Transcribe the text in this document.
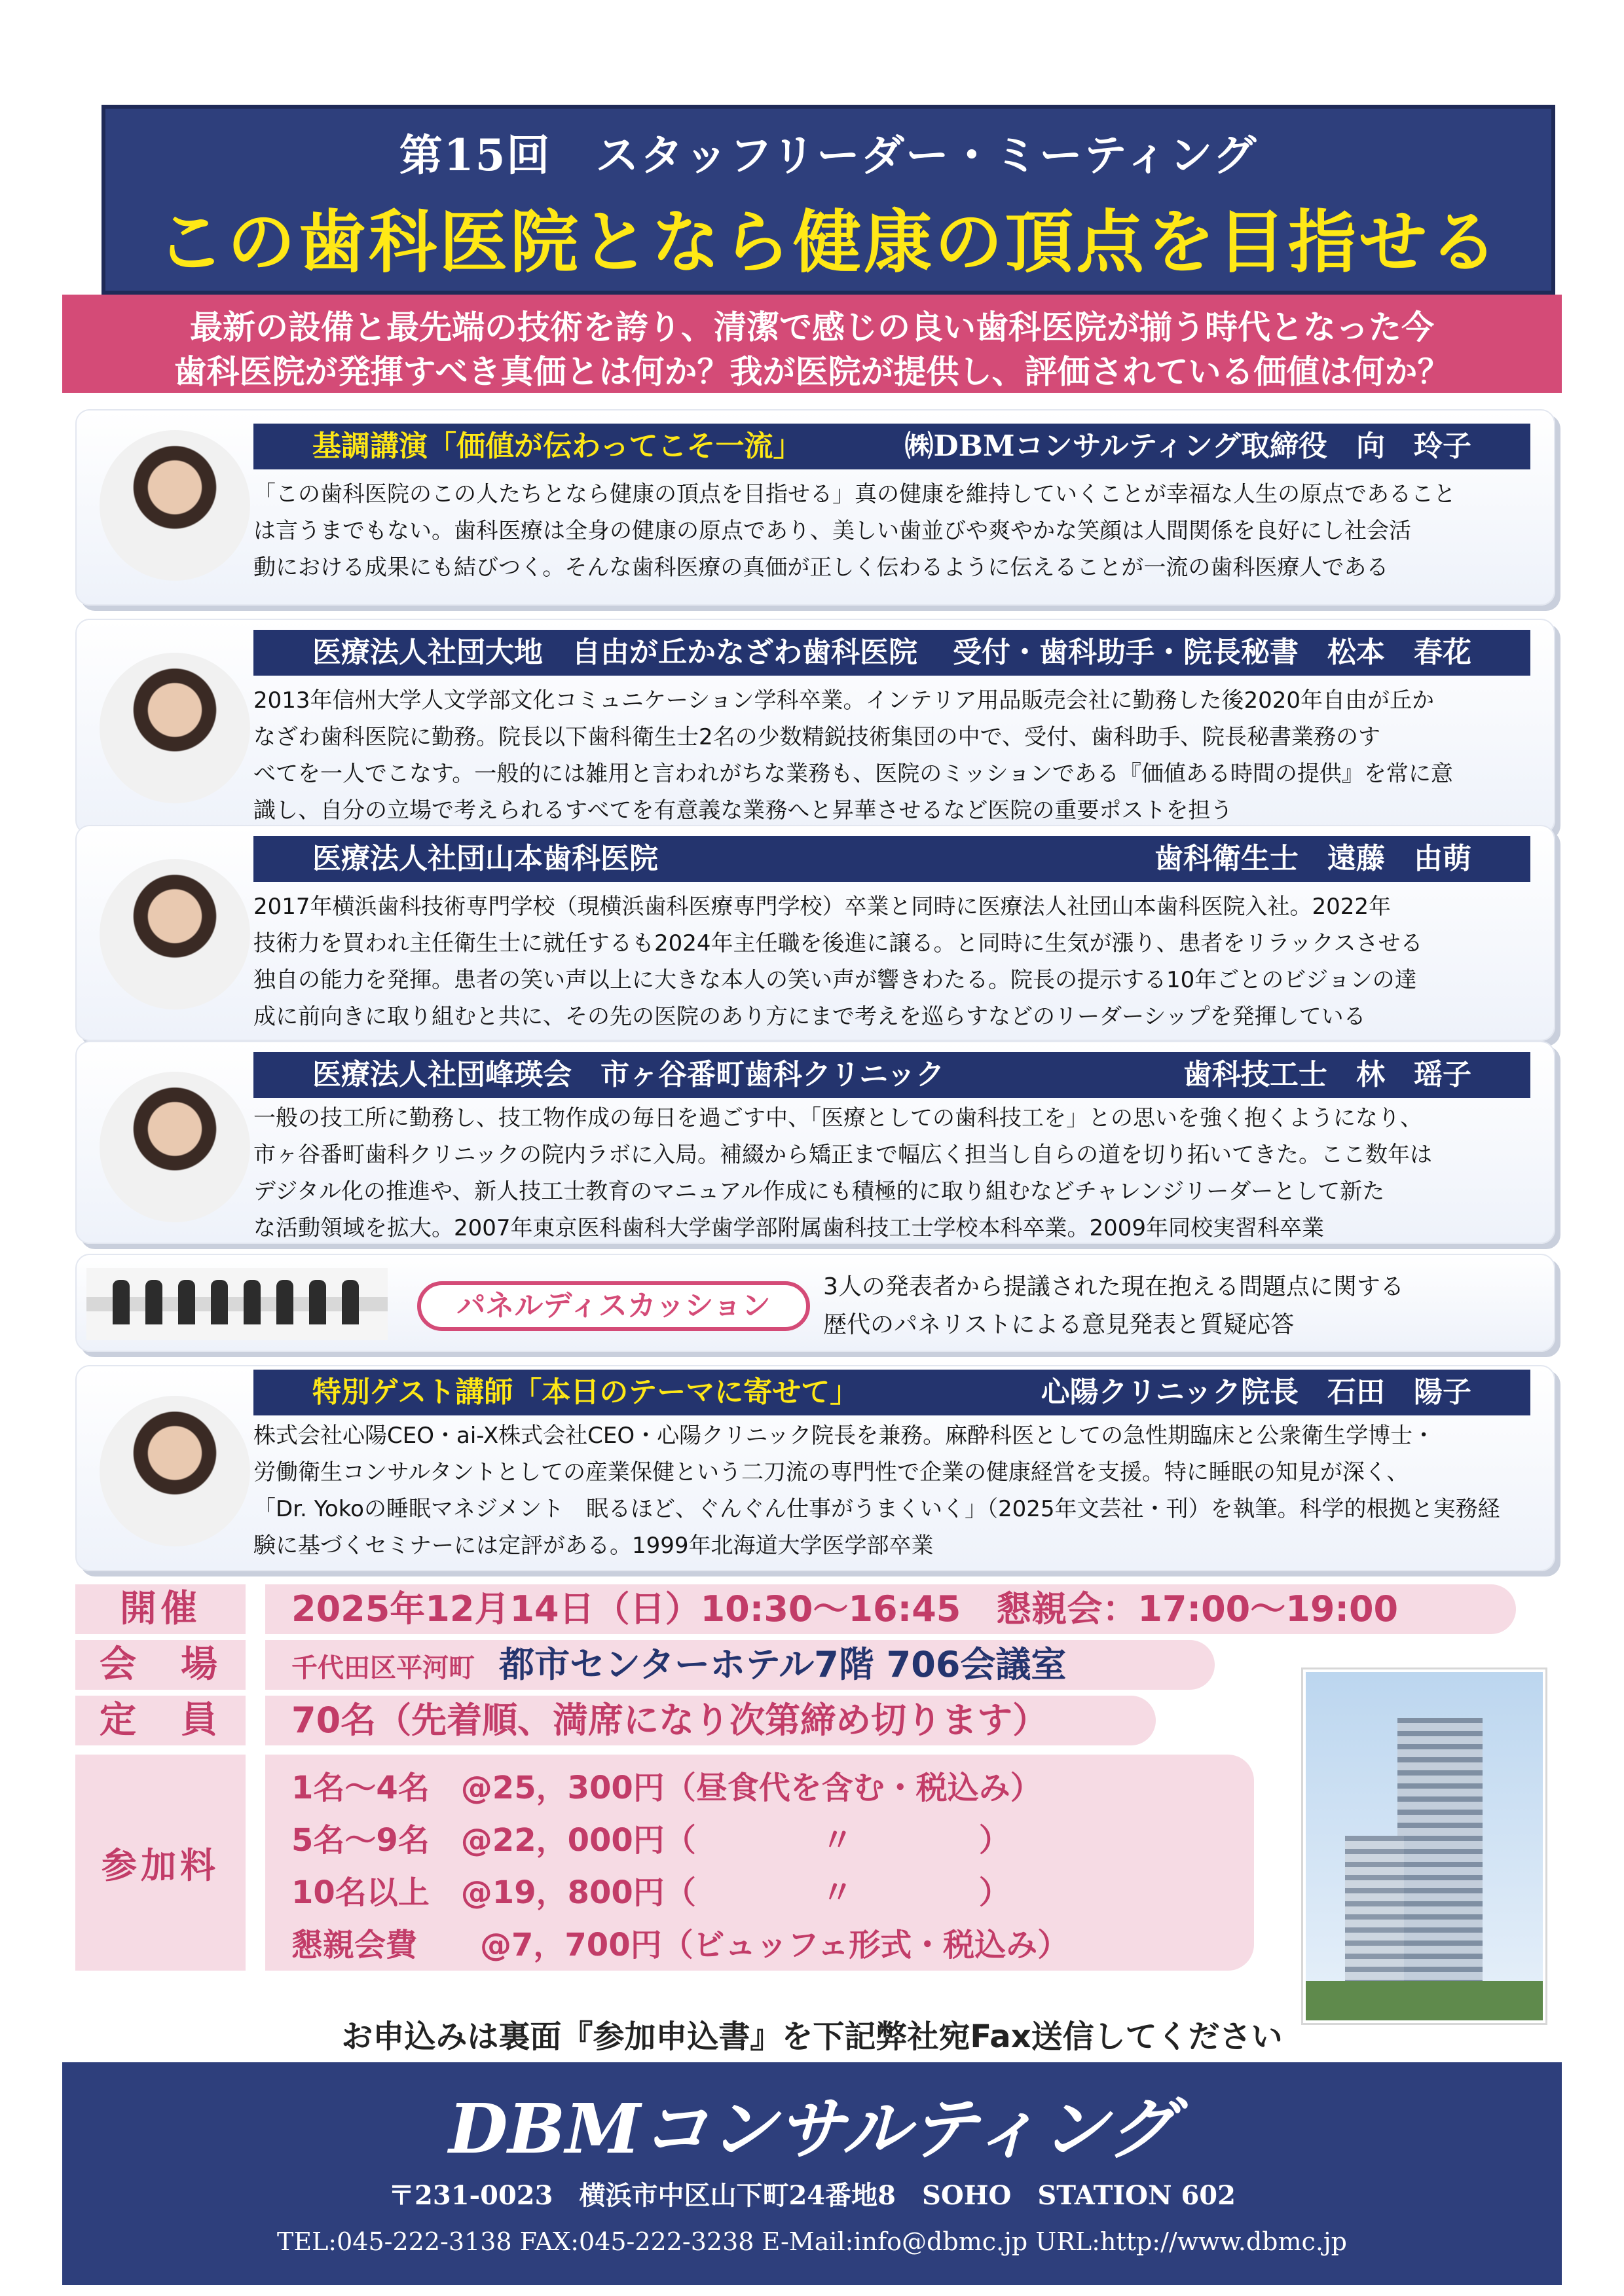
第15回　スタッフリーダー・ミーティング
この歯科医院となら健康の頂点を目指せる
最新の設備と最先端の技術を誇り、清潔で感じの良い歯科医院が揃う時代となった今
歯科医院が発揮すべき真価とは何か？我が医院が提供し、評価されている価値は何か？
基調講演「価値が伝わってこそ一流」	㈱DBMコンサルティング取締役　向　玲子
「この歯科医院のこの人たちとなら健康の頂点を目指せる」真の健康を維持していくことが幸福な人生の原点であること
は言うまでもない。歯科医療は全身の健康の原点であり、美しい歯並びや爽やかな笑顔は人間関係を良好にし社会活
動における成果にも結びつく。そんな歯科医療の真価が正しく伝わるように伝えることが一流の歯科医療人である
医療法人社団大地　自由が丘かなざわ歯科医院 受付・歯科助手・院長秘書　松本　春花
2013年信州大学人文学部文化コミュニケーション学科卒業。インテリア用品販売会社に勤務した後2020年自由が丘か
なざわ歯科医院に勤務。院長以下歯科衛生士2名の少数精鋭技術集団の中で、受付、歯科助手、院長秘書業務のす
べてを一人でこなす。一般的には雑用と言われがちな業務も、医院のミッションである『価値ある時間の提供』を常に意
識し、自分の立場で考えられるすべてを有意義な業務へと昇華させるなど医院の重要ポストを担う
医療法人社団山本歯科医院	歯科衛生士　遠藤　由萌
2017年横浜歯科技術専門学校（現横浜歯科医療専門学校）卒業と同時に医療法人社団山本歯科医院入社。2022年
技術力を買われ主任衛生士に就任するも2024年主任職を後進に譲る。と同時に生気が漲り、患者をリラックスさせる
独自の能力を発揮。患者の笑い声以上に大きな本人の笑い声が響きわたる。院長の提示する10年ごとのビジョンの達
成に前向きに取り組むと共に、その先の医院のあり方にまで考えを巡らすなどのリーダーシップを発揮している
医療法人社団峰瑛会　市ヶ谷番町歯科クリニック	歯科技工士　林　瑶子
一般の技工所に勤務し、技工物作成の毎日を過ごす中、「医療としての歯科技工を」との思いを強く抱くようになり、
市ヶ谷番町歯科クリニックの院内ラボに入局。補綴から矯正まで幅広く担当し自らの道を切り拓いてきた。ここ数年は
デジタル化の推進や、新人技工士教育のマニュアル作成にも積極的に取り組むなどチャレンジリーダーとして新た
な活動領域を拡大。2007年東京医科歯科大学歯学部附属歯科技工士学校本科卒業。2009年同校実習科卒業
パネルディスカッション
3人の発表者から提議された現在抱える問題点に関する
歴代のパネリストによる意見発表と質疑応答
特別ゲスト講師「本日のテーマに寄せて」	心陽クリニック院長　石田　陽子
株式会社心陽CEO・ai-X株式会社CEO・心陽クリニック院長を兼務。麻酔科医としての急性期臨床と公衆衛生学博士・
労働衛生コンサルタントとしての産業保健という二刀流の専門性で企業の健康経営を支援。特に睡眠の知見が深く、
「Dr. Yokoの睡眠マネジメント　眠るほど、ぐんぐん仕事がうまくいく」（2025年文芸社・刊）を執筆。科学的根拠と実務経
験に基づくセミナーには定評がある。1999年北海道大学医学部卒業
開催	2025年12月14日（日）10:30〜16:45　懇親会：17:00〜19:00
会　場	千代田区平河町 都市センターホテル7階 706会議室
定　員	70名（先着順、満席になり次第締め切ります）
参加料
1名〜4名　@25，300円（昼食代を含む・税込み）
5名〜9名　@22，000円（　　　　〃　　　　）
10名以上　@19，800円（　　　　〃　　　　）
懇親会費　　@7，700円（ビュッフェ形式・税込み）
お申込みは裏面『参加申込書』を下記弊社宛Fax送信してください
DBMコンサルティング
〒231-0023　横浜市中区山下町24番地8　SOHO　STATION 602
TEL:045-222-3138 FAX:045-222-3238 E-Mail:info@dbmc.jp URL:http://www.dbmc.jp
